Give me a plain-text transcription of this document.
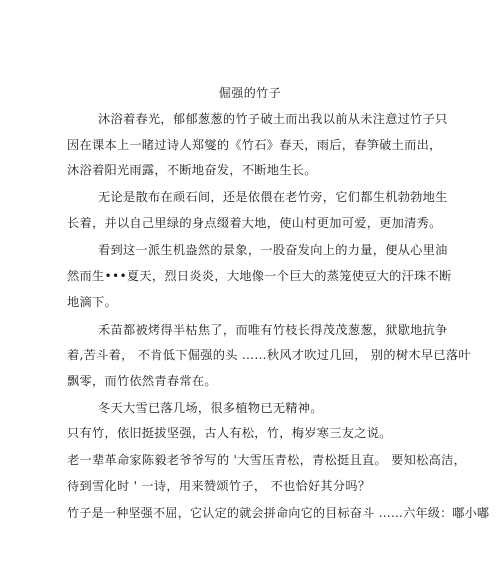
倔强的竹子
沐浴着春光，郁郁葱葱的竹子破土而出我以前从未注意过竹子只
因在课本上一睹过诗人郑燮的《竹石》春天，雨后，春笋破土而出，
沐浴着阳光雨露，不断地奋发，不断地生长。
无论是散布在顽石间，还是依偎在老竹旁，它们都生机勃勃地生
长着，并以自己里绿的身点缀着大地，使山村更加可爱，更加清秀。
看到这一派生机盎然的景象，一股奋发向上的力量，便从心里油
然而生•••夏天，烈日炎炎，大地像一个巨大的蒸笼使豆大的汗珠不断
地滴下。
禾苗都被烤得半枯焦了，而唯有竹枝长得茂茂葱葱，狱歇地抗争
着,苦斗着， 不肯低下倔强的头 ……秋风才吹过几回， 别的树木早已落叶
飘零，而竹依然青春常在。
冬天大雪已落几场，很多植物已无精神。
只有竹，依旧挺拔坚强，古人有松，竹，梅岁寒三友之说。
老一辈革命家陈毅老爷爷写的 '大雪压青松，青松挺且直。 要知松高洁，
待到雪化时 ' 一诗，用来赞颂竹子， 不也恰好其分吗？
竹子是一种坚强不屈，它认定的就会拼命向它的目标奋斗 ……六年级：嘟小嘟
